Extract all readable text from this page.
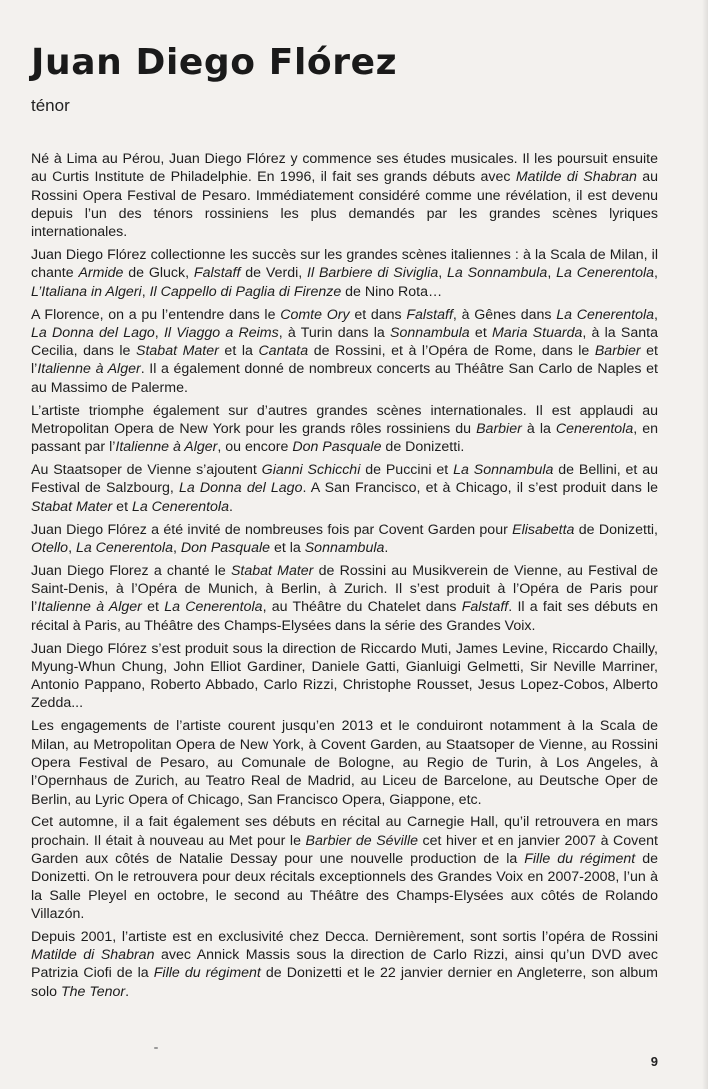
Juan Diego Flórez
ténor

Né à Lima au Pérou, Juan Diego Flórez y commence ses études musicales. Il les poursuit ensuite au Curtis Institute de Philadelphie. En 1996, il fait ses grands débuts avec Matilde di Shabran au Rossini Opera Festival de Pesaro. Immédiatement considéré comme une révélation, il est devenu depuis l’un des ténors rossiniens les plus demandés par les grandes scènes lyriques internationales.

Juan Diego Flórez collectionne les succès sur les grandes scènes italiennes : à la Scala de Milan, il chante Armide de Gluck, Falstaff de Verdi, Il Barbiere di Siviglia, La Sonnambula, La Cenerentola, L’Italiana in Algeri, Il Cappello di Paglia di Firenze de Nino Rota…

A Florence, on a pu l’entendre dans le Comte Ory et dans Falstaff, à Gênes dans La Cenerentola, La Donna del Lago, Il Viaggo a Reims, à Turin dans la Sonnambula et Maria Stuarda, à la Santa Cecilia, dans le Stabat Mater et la Cantata de Rossini, et à l’Opéra de Rome, dans le Barbier et l’Italienne à Alger. Il a également donné de nombreux concerts au Théâtre San Carlo de Naples et au Massimo de Palerme.

L’artiste triomphe également sur d’autres grandes scènes internationales. Il est applaudi au Metropolitan Opera de New York pour les grands rôles rossiniens du Barbier à la Cenerentola, en passant par l’Italienne à Alger, ou encore Don Pasquale de Donizetti.

Au Staatsoper de Vienne s’ajoutent Gianni Schicchi de Puccini et La Sonnambula de Bellini, et au Festival de Salzbourg, La Donna del Lago. A San Francisco, et à Chicago, il s’est produit dans le Stabat Mater et La Cenerentola.

Juan Diego Flórez a été invité de nombreuses fois par Covent Garden pour Elisabetta de Donizetti, Otello, La Cenerentola, Don Pasquale et la Sonnambula.

Juan Diego Florez a chanté le Stabat Mater de Rossini au Musikverein de Vienne, au Festival de Saint-Denis, à l’Opéra de Munich, à Berlin, à Zurich. Il s’est produit à l’Opéra de Paris pour l’Italienne à Alger et La Cenerentola, au Théâtre du Chatelet dans Falstaff. Il a fait ses débuts en récital à Paris, au Théâtre des Champs-Elysées dans la série des Grandes Voix.

Juan Diego Flórez s’est produit sous la direction de Riccardo Muti, James Levine, Riccardo Chailly, Myung-Whun Chung, John Elliot Gardiner, Daniele Gatti, Gianluigi Gelmetti, Sir Neville Marriner, Antonio Pappano, Roberto Abbado, Carlo Rizzi, Christophe Rousset, Jesus Lopez-Cobos, Alberto Zedda...

Les engagements de l’artiste courent jusqu’en 2013 et le conduiront notamment à la Scala de Milan, au Metropolitan Opera de New York, à Covent Garden, au Staatsoper de Vienne, au Rossini Opera Festival de Pesaro, au Comunale de Bologne, au Regio de Turin, à Los Angeles, à l’Opernhaus de Zurich, au Teatro Real de Madrid, au Liceu de Barcelone, au Deutsche Oper de Berlin, au Lyric Opera of Chicago, San Francisco Opera, Giappone, etc.

Cet automne, il a fait également ses débuts en récital au Carnegie Hall, qu’il retrouvera en mars prochain. Il était à nouveau au Met pour le Barbier de Séville cet hiver et en janvier 2007 à Covent Garden aux côtés de Natalie Dessay pour une nouvelle production de la Fille du régiment de Donizetti. On le retrouvera pour deux récitals exceptionnels des Grandes Voix en 2007-2008, l’un à la Salle Pleyel en octobre, le second au Théâtre des Champs-Elysées aux côtés de Rolando Villazón.

Depuis 2001, l’artiste est en exclusivité chez Decca. Dernièrement, sont sortis l’opéra de Rossini Matilde di Shabran avec Annick Massis sous la direction de Carlo Rizzi, ainsi qu’un DVD avec Patrizia Ciofi de la Fille du régiment de Donizetti et le 22 janvier dernier en Angleterre, son album solo The Tenor.

9
